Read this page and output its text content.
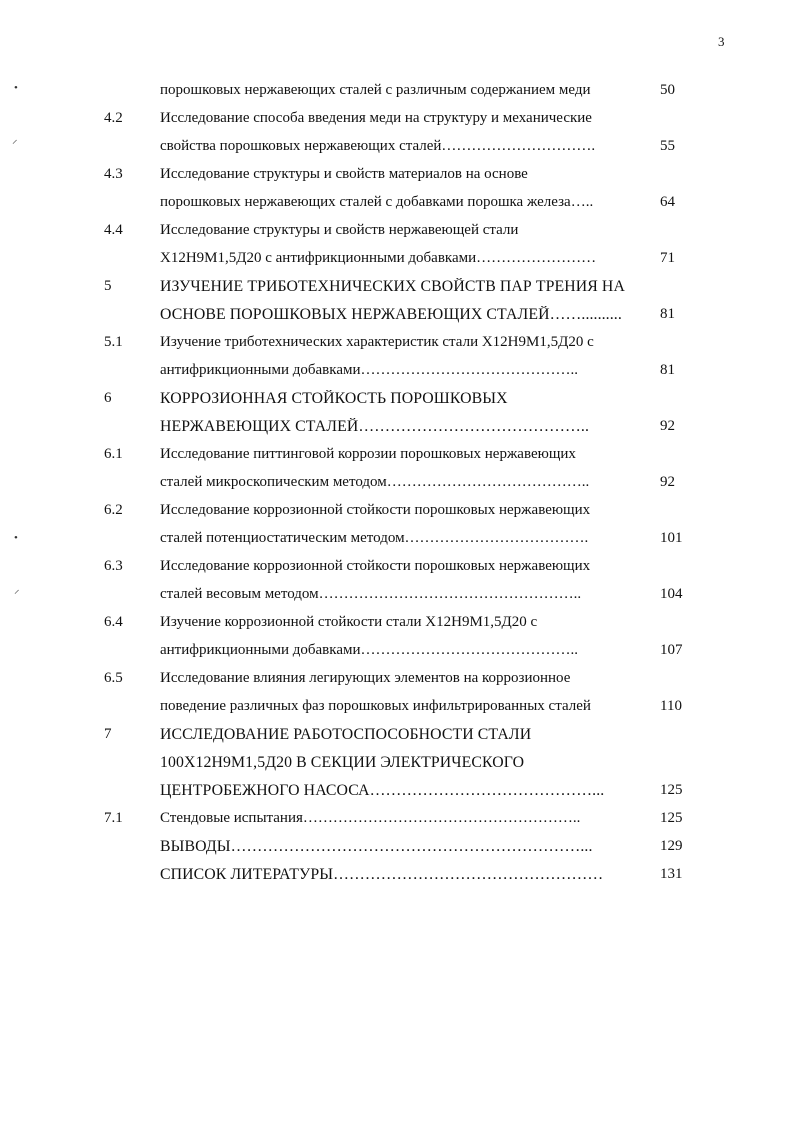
3
•
⸝
•
⸝
порошковых нержавеющих сталей с различным содержанием меди	50
4.2 Исследование способа введения меди на структуру и механические
свойства порошковых нержавеющих сталей………………………….	55
4.3 Исследование структуры и свойств материалов на основе
порошковых нержавеющих сталей с добавками порошка железа…..	64
4.4 Исследование структуры и свойств нержавеющей стали
Х12Н9М1,5Д20 с антифрикционными добавками……………………	71
5	ИЗУЧЕНИЕ ТРИБОТЕХНИЧЕСКИХ СВОЙСТВ ПАР ТРЕНИЯ НА
ОСНОВЕ ПОРОШКОВЫХ НЕРЖАВЕЮЩИХ СТАЛЕЙ……..........	81
5.1 Изучение триботехнических характеристик стали Х12Н9М1,5Д20 с
антифрикционными добавками……………………………………..	81
6	КОРРОЗИОННАЯ СТОЙКОСТЬ ПОРОШКОВЫХ
НЕРЖАВЕЮЩИХ СТАЛЕЙ……………………………………..	92
6.1 Исследование питтинговой коррозии порошковых нержавеющих
сталей микроскопическим методом…………………………………..	92
6.2 Исследование коррозионной стойкости порошковых нержавеющих
сталей потенциостатическим методом……………………………….	101
6.3 Исследование коррозионной стойкости порошковых нержавеющих
сталей весовым методом……………………………………………..	104
6.4 Изучение коррозионной стойкости стали Х12Н9М1,5Д20 с
антифрикционными добавками……………………………………..	107
6.5 Исследование влияния легирующих элементов на коррозионное
поведение различных фаз порошковых инфильтрированных сталей	110
7	ИССЛЕДОВАНИЕ РАБОТОСПОСОБНОСТИ СТАЛИ
100Х12Н9М1,5Д20 В СЕКЦИИ ЭЛЕКТРИЧЕСКОГО
ЦЕНТРОБЕЖНОГО НАСОСА……………………………………...	125
7.1 Стендовые испытания………………………………………………..	125
ВЫВОДЫ…………………………………………………………...	129
СПИСОК ЛИТЕРАТУРЫ……………………………………………	131
